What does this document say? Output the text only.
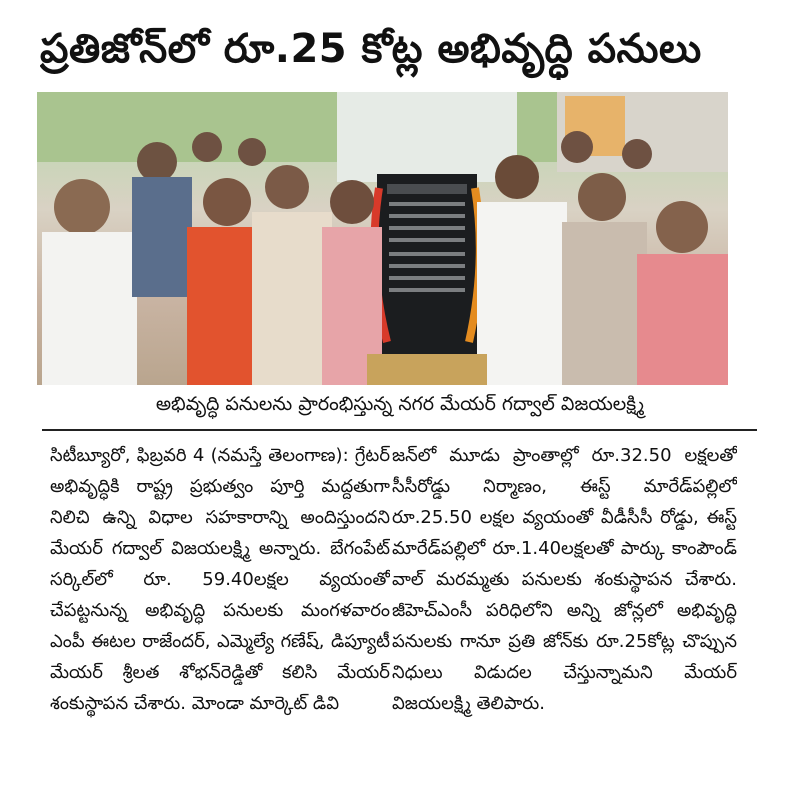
ప్రతిజోన్‌లో రూ.25 కోట్ల అభివృద్ధి పనులు
అభివృద్ధి పనులను ప్రారంభిస్తున్న నగర మేయర్ గద్వాల్ విజయలక్ష్మి
సిటీబ్యూరో, ఫిబ్రవరి 4 (నమస్తే తెలంగాణ): గ్రేటర్ అభివృద్ధికి రాష్ట్ర ప్రభుత్వం పూర్తి మద్దతుగా నిలిచి ఉన్ని విధాల సహకారాన్ని అందిస్తుందని మేయర్ గద్వాల్ విజయలక్ష్మి అన్నారు. బేగంపేట్ సర్కిల్‌లో రూ. 59.40లక్షల వ్యయంతో చేపట్టనున్న అభివృద్ధి పనులకు మంగళవారం ఎంపీ ఈటల రాజేందర్, ఎమ్మెల్యే గణేష్, డిప్యూటీ మేయర్ శ్రీలత శోభన్‌రెడ్డితో కలిసి మేయర్ శంకుస్థాపన చేశారు. మోండా మార్కెట్ డివి
జన్‌లో మూడు ప్రాంతాల్లో రూ.32.50 లక్షలతో సీసీరోడ్డు నిర్మాణం, ఈస్ట్ మారేడ్‌పల్లిలో రూ.25.50 లక్షల వ్యయంతో వీడీసీసీ రోడ్డు, ఈస్ట్ మారేడ్‌పల్లిలో రూ.1.40లక్షలతో పార్కు కాంపౌండ్ వాల్ మరమ్మతు పనులకు శంకుస్థాపన చేశారు. జీహెచ్‌ఎంసీ పరిధిలోని అన్ని జోన్లలో అభివృద్ధి పనులకు గానూ ప్రతి జోన్‌కు రూ.25కోట్ల చొప్పున నిధులు విడుదల చేస్తున్నామని మేయర్ విజయలక్ష్మి తెలిపారు.
